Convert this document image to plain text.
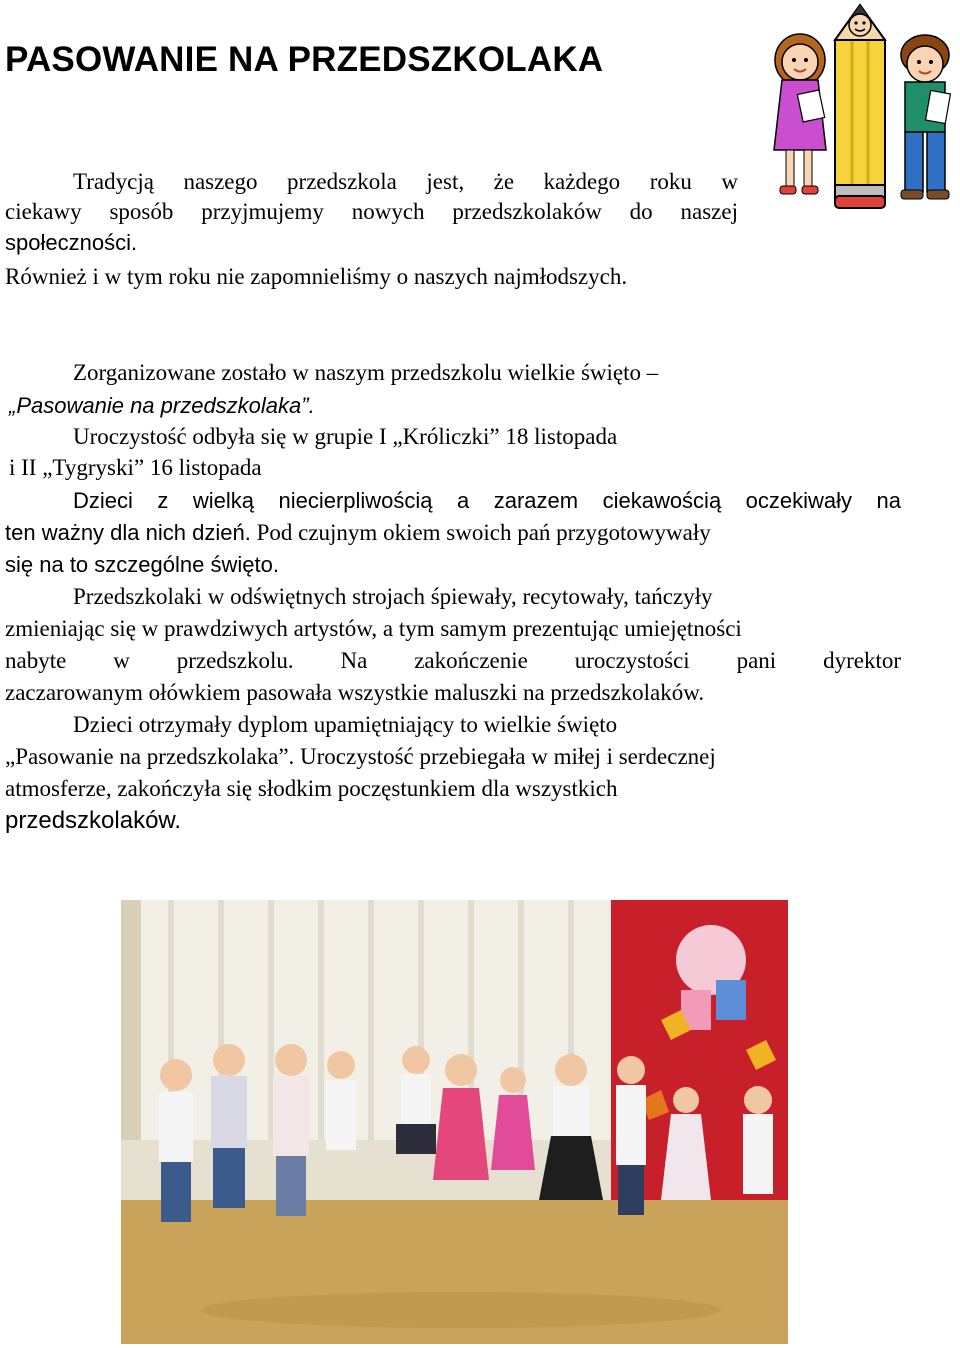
PASOWANIE NA PRZEDSZKOLAKA

Tradycją naszego przedszkola jest, że każdego roku w

ciekawy sposób przyjmujemy nowych przedszkolaków do naszej

społeczności.

Również i w tym roku nie zapomnieliśmy o naszych najmłodszych.

Zorganizowane zostało w naszym przedszkolu wielkie święto –

„Pasowanie na przedszkolaka”.

Uroczystość odbyła się w grupie I „Króliczki” 18 listopada

i II „Tygryski” 16 listopada

Dzieci z wielką niecierpliwością a zarazem ciekawością oczekiwały na

ten ważny dla nich dzień. Pod czujnym okiem swoich pań przygotowywały

się na to szczególne święto.

Przedszkolaki w odświętnych strojach śpiewały, recytowały, tańczyły

zmieniając się w prawdziwych artystów, a tym samym prezentując umiejętności

nabyte w przedszkolu. Na zakończenie uroczystości pani dyrektor

zaczarowanym ołówkiem pasowała wszystkie maluszki na przedszkolaków.

Dzieci otrzymały dyplom upamiętniający to wielkie święto

„Pasowanie na przedszkolaka”. Uroczystość przebiegała w miłej i serdecznej

atmosferze, zakończyła się słodkim poczęstunkiem dla wszystkich

przedszkolaków.
